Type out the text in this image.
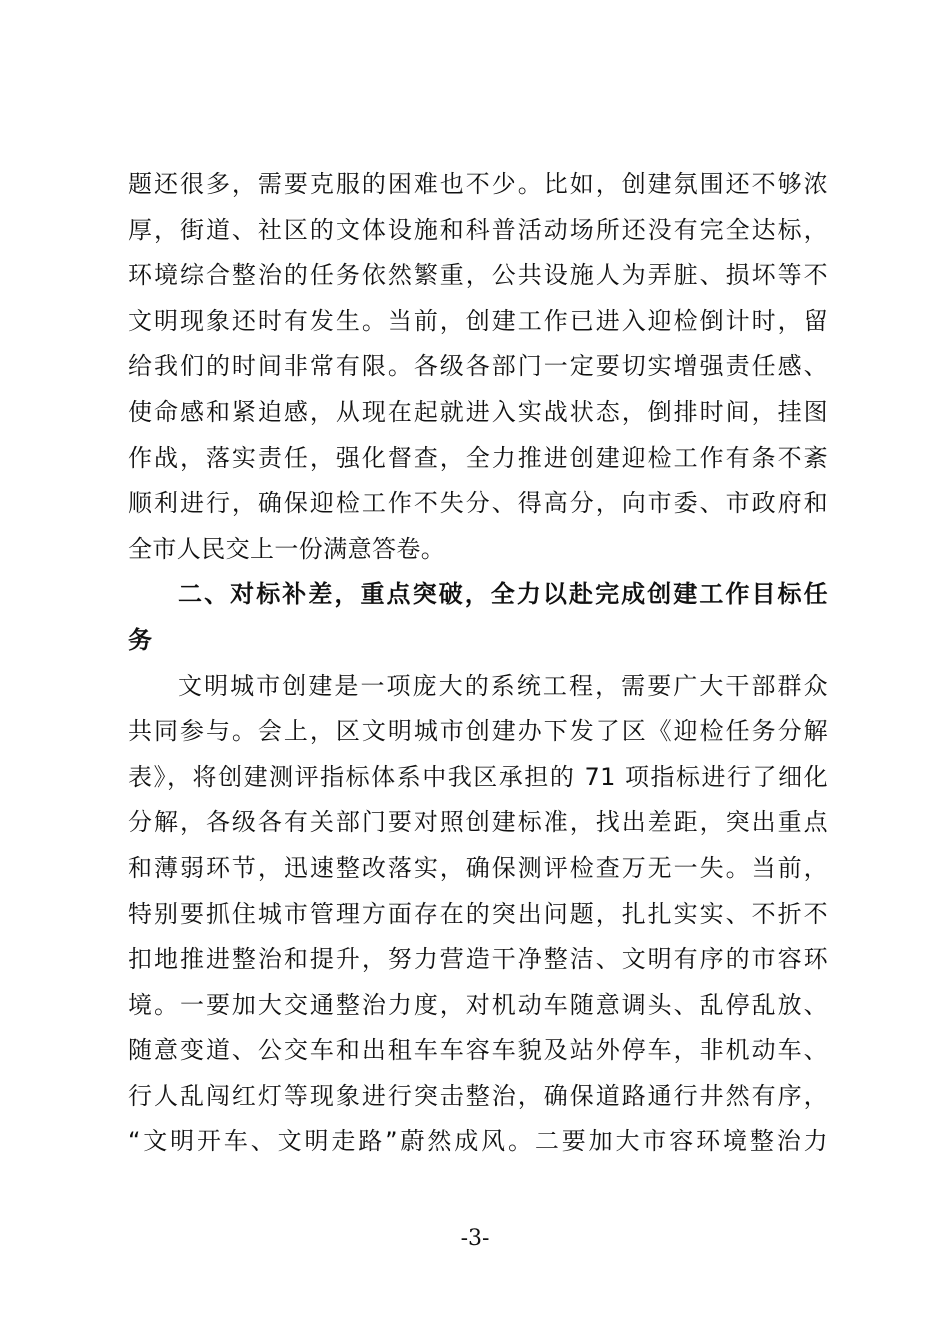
题还很多，需要克服的困难也不少。比如，创建氛围还不够浓
厚，街道、社区的文体设施和科普活动场所还没有完全达标，
环境综合整治的任务依然繁重，公共设施人为弄脏、损坏等不
文明现象还时有发生。当前，创建工作已进入迎检倒计时，留
给我们的时间非常有限。各级各部门一定要切实增强责任感、
使命感和紧迫感，从现在起就进入实战状态，倒排时间，挂图
作战，落实责任，强化督查，全力推进创建迎检工作有条不紊
顺利进行，确保迎检工作不失分、得高分，向市委、市政府和
全市人民交上一份满意答卷。
二、对标补差，重点突破，全力以赴完成创建工作目标任
务
文明城市创建是一项庞大的系统工程，需要广大干部群众
共同参与。会上，区文明城市创建办下发了区《迎检任务分解
表》，将创建测评指标体系中我区承担的 71 项指标进行了细化
分解，各级各有关部门要对照创建标准，找出差距，突出重点
和薄弱环节，迅速整改落实，确保测评检查万无一失。当前，
特别要抓住城市管理方面存在的突出问题，扎扎实实、不折不
扣地推进整治和提升，努力营造干净整洁、文明有序的市容环
境。一要加大交通整治力度，对机动车随意调头、乱停乱放、
随意变道、公交车和出租车车容车貌及站外停车，非机动车、
行人乱闯红灯等现象进行突击整治，确保道路通行井然有序，
“文明开车、文明走路”蔚然成风。二要加大市容环境整治力
-3-
